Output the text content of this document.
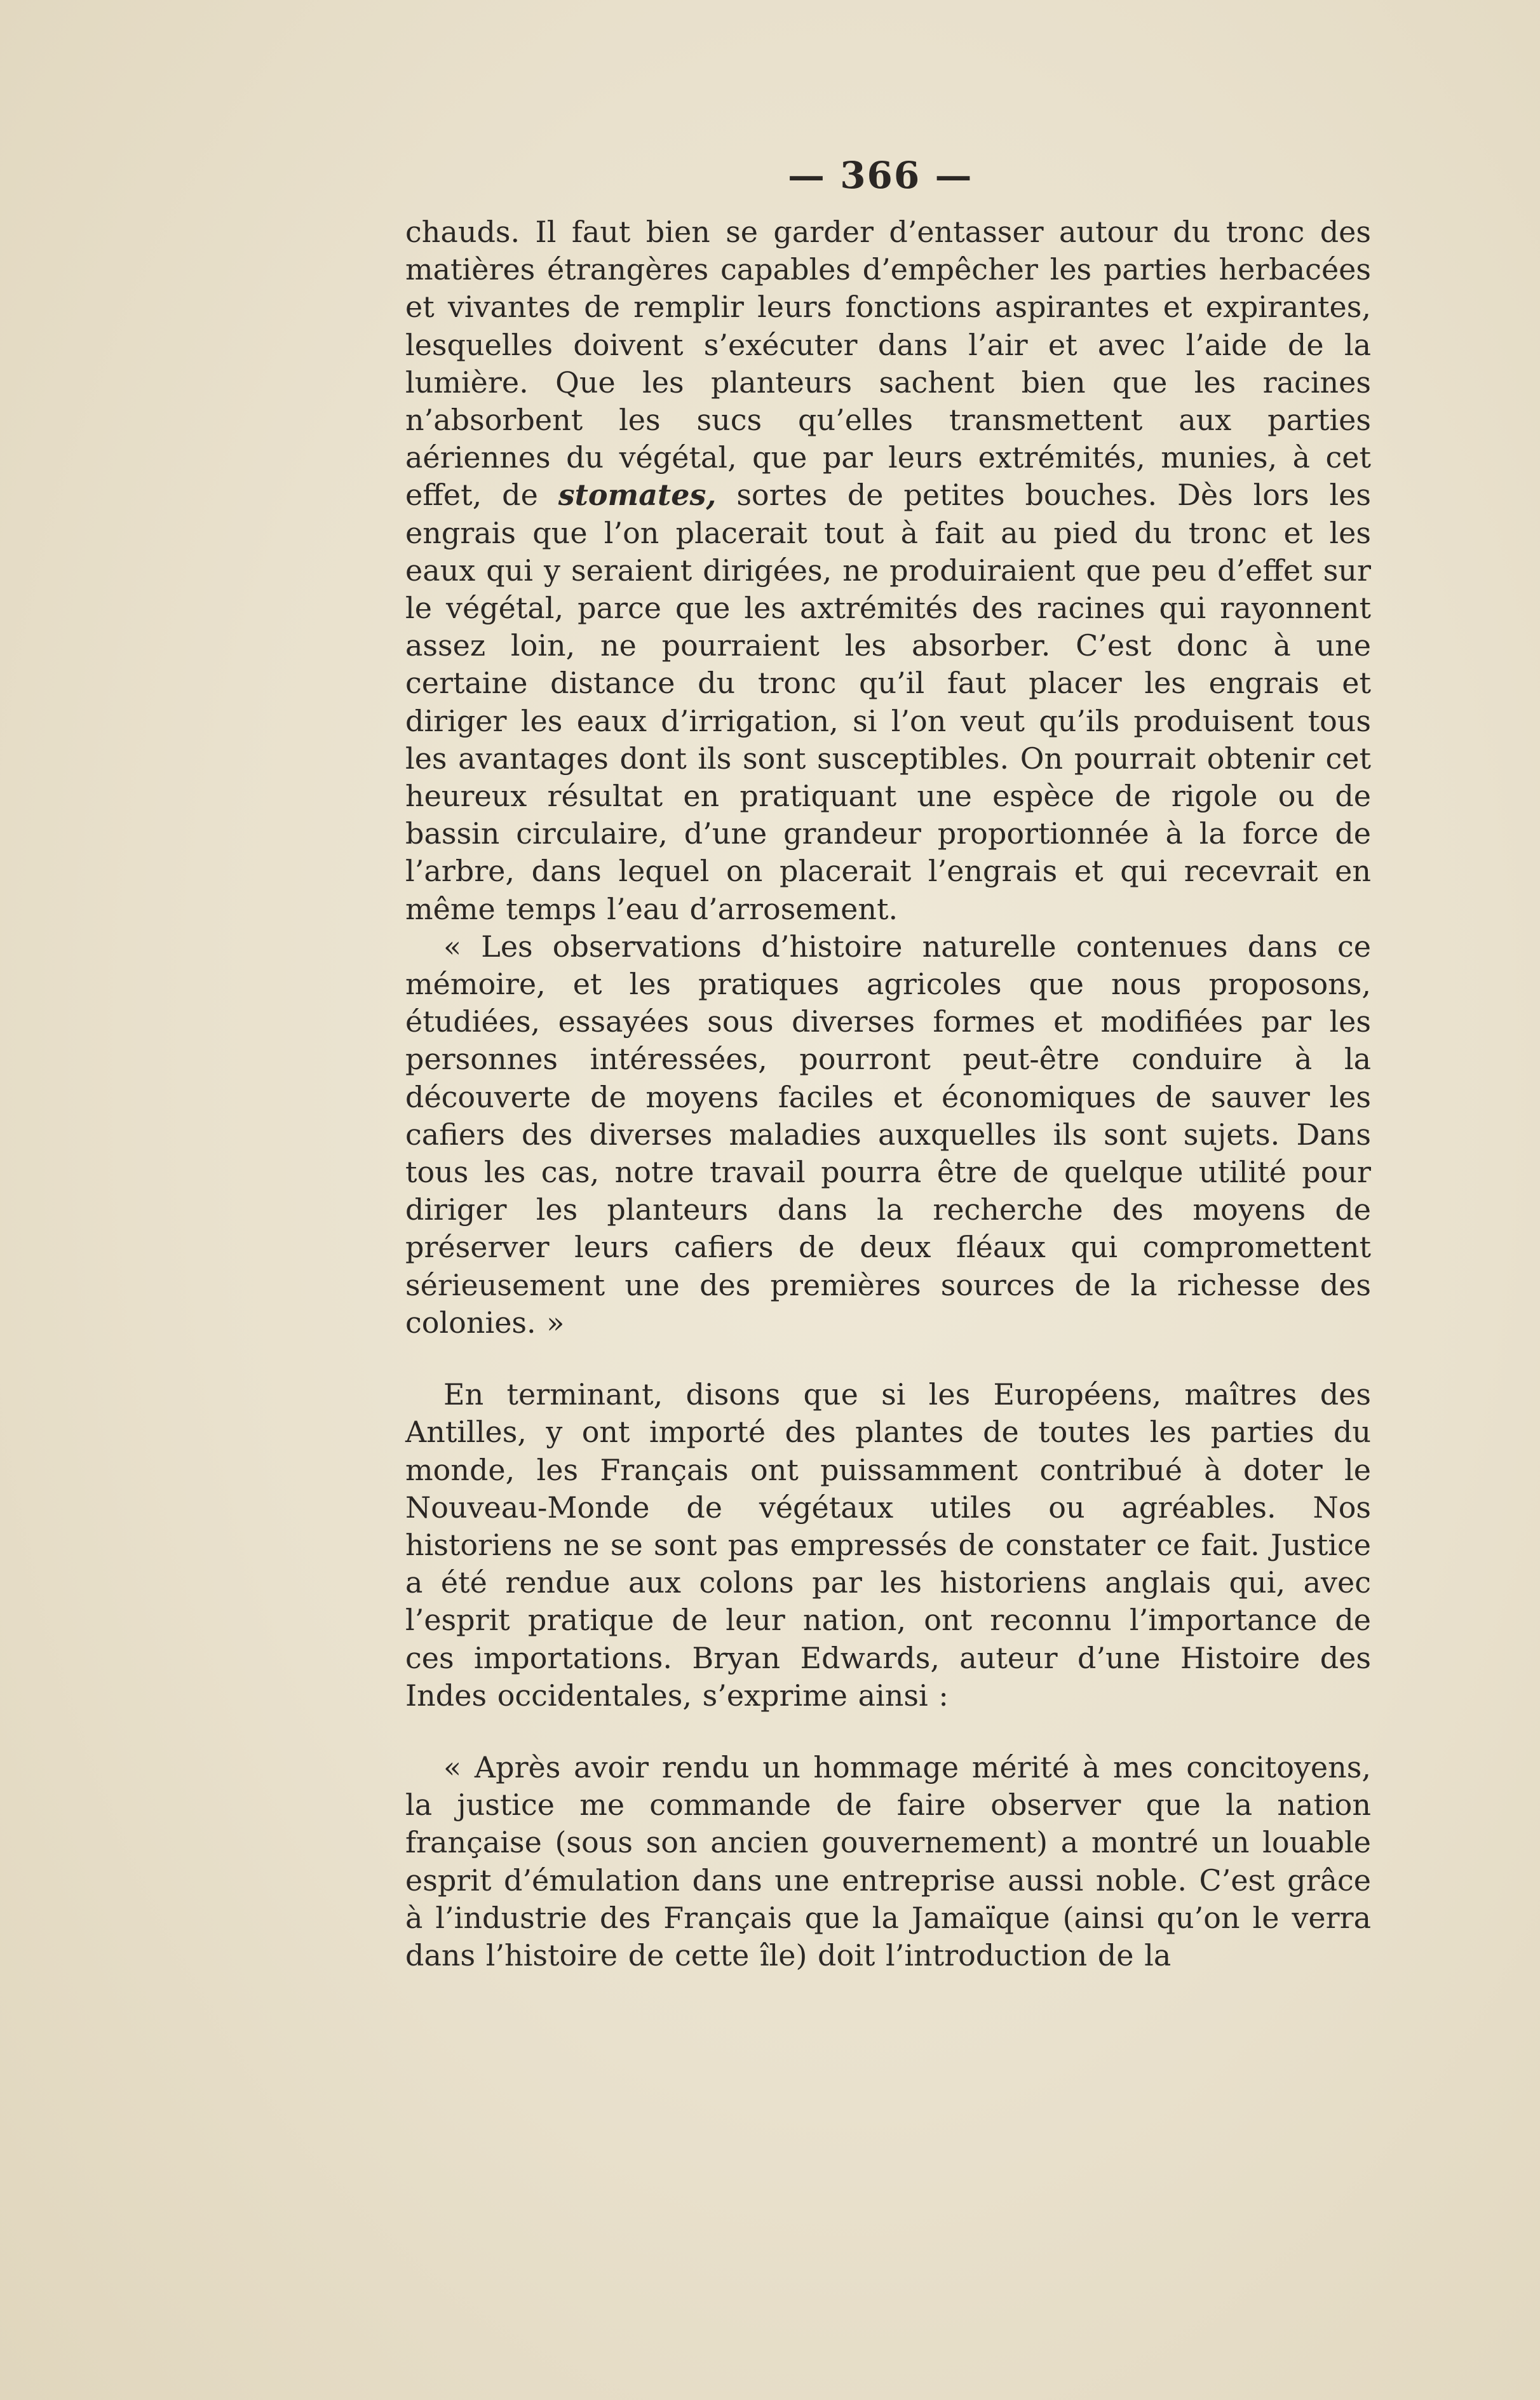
— 366 —

chauds. Il faut bien se garder d’entasser autour du tronc des matières étrangères capables d’empêcher les parties herbacées et vivantes de remplir leurs fonctions aspirantes et expirantes, lesquelles doivent s’exécuter dans l’air et avec l’aide de la lumière. Que les planteurs sachent bien que les racines n’absorbent les sucs qu’elles transmettent aux parties aériennes du végétal, que par leurs extrémités, munies, à cet effet, de stomates, sortes de petites bouches. Dès lors les engrais que l’on placerait tout à fait au pied du tronc et les eaux qui y seraient dirigées, ne produiraient que peu d’effet sur le végétal, parce que les axtrémités des racines qui rayonnent assez loin, ne pourraient les absorber. C’est donc à une certaine distance du tronc qu’il faut placer les engrais et diriger les eaux d’irrigation, si l’on veut qu’ils produisent tous les avantages dont ils sont susceptibles. On pourrait obtenir cet heureux résultat en pratiquant une espèce de rigole ou de bassin circulaire, d’une grandeur proportionnée à la force de l’arbre, dans lequel on placerait l’engrais et qui recevrait en même temps l’eau d’arrosement.

« Les observations d’histoire naturelle contenues dans ce mémoire, et les pratiques agricoles que nous proposons, étudiées, essayées sous diverses formes et modifiées par les personnes intéressées, pourront peut-être conduire à la découverte de moyens faciles et économiques de sauver les cafiers des diverses maladies auxquelles ils sont sujets. Dans tous les cas, notre travail pourra être de quelque utilité pour diriger les planteurs dans la recherche des moyens de préserver leurs cafiers de deux fléaux qui compromettent sérieusement une des premières sources de la richesse des colonies. »

En terminant, disons que si les Européens, maîtres des Antilles, y ont importé des plantes de toutes les parties du monde, les Français ont puissamment contribué à doter le Nouveau-Monde de végétaux utiles ou agréables. Nos historiens ne se sont pas empressés de constater ce fait. Justice a été rendue aux colons par les historiens anglais qui, avec l’esprit pratique de leur nation, ont reconnu l’importance de ces importations. Bryan Edwards, auteur d’une Histoire des Indes occidentales, s’exprime ainsi :

« Après avoir rendu un hommage mérité à mes concitoyens, la justice me commande de faire observer que la nation française (sous son ancien gouvernement) a montré un louable esprit d’émulation dans une entreprise aussi noble. C’est grâce à l’industrie des Français que la Jamaïque (ainsi qu’on le verra dans l’histoire de cette île) doit l’introduction de la
